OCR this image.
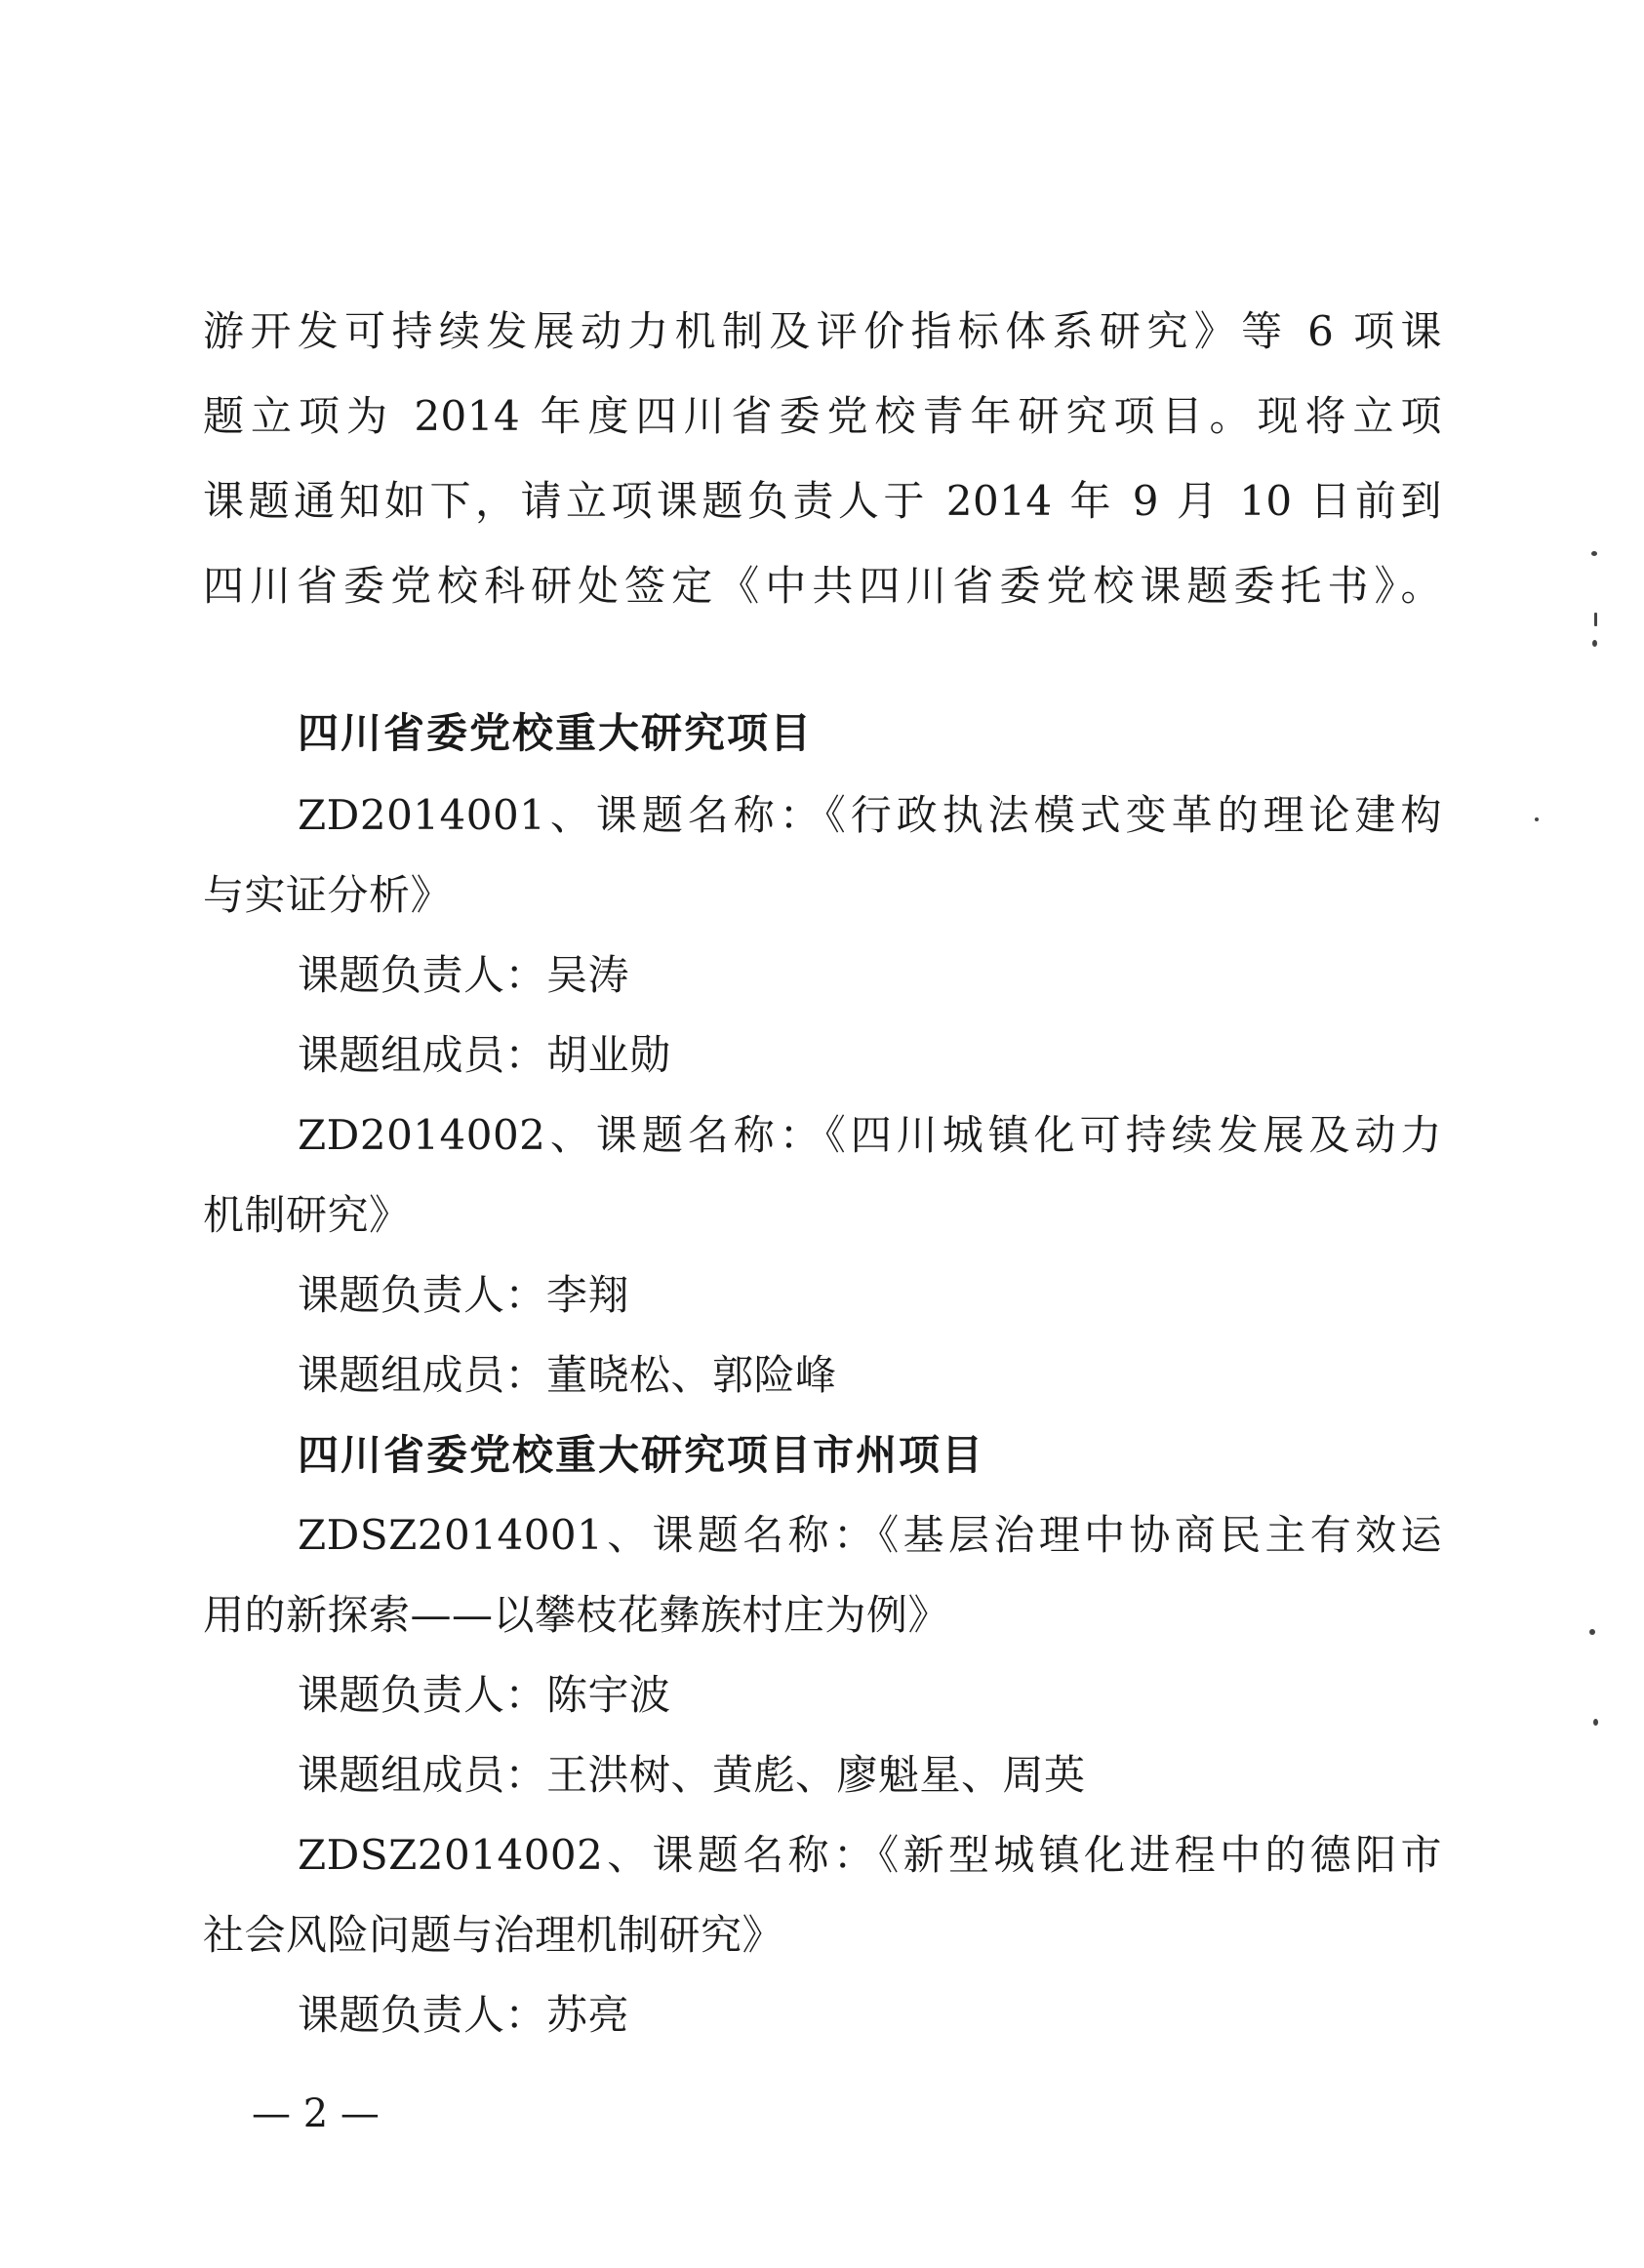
游开发可持续发展动力机制及评价指标体系研究》等 6 项课
题立项为 2014 年度四川省委党校青年研究项目。现将立项
课题通知如下，请立项课题负责人于 2014 年 9 月 10 日前到
四川省委党校科研处签定《中共四川省委党校课题委托书》。
四川省委党校重大研究项目
ZD2014001、课题名称：《行政执法模式变革的理论建构
与实证分析》
课题负责人：吴涛
课题组成员：胡业勋
ZD2014002、课题名称：《四川城镇化可持续发展及动力
机制研究》
课题负责人：李翔
课题组成员：董晓松、郭险峰
四川省委党校重大研究项目市州项目
ZDSZ2014001、课题名称：《基层治理中协商民主有效运
用的新探索——以攀枝花彝族村庄为例》
课题负责人：陈宇波
课题组成员：王洪树、黄彪、廖魁星、周英
ZDSZ2014002、课题名称：《新型城镇化进程中的德阳市
社会风险问题与治理机制研究》
课题负责人：苏亮
— 2 —
